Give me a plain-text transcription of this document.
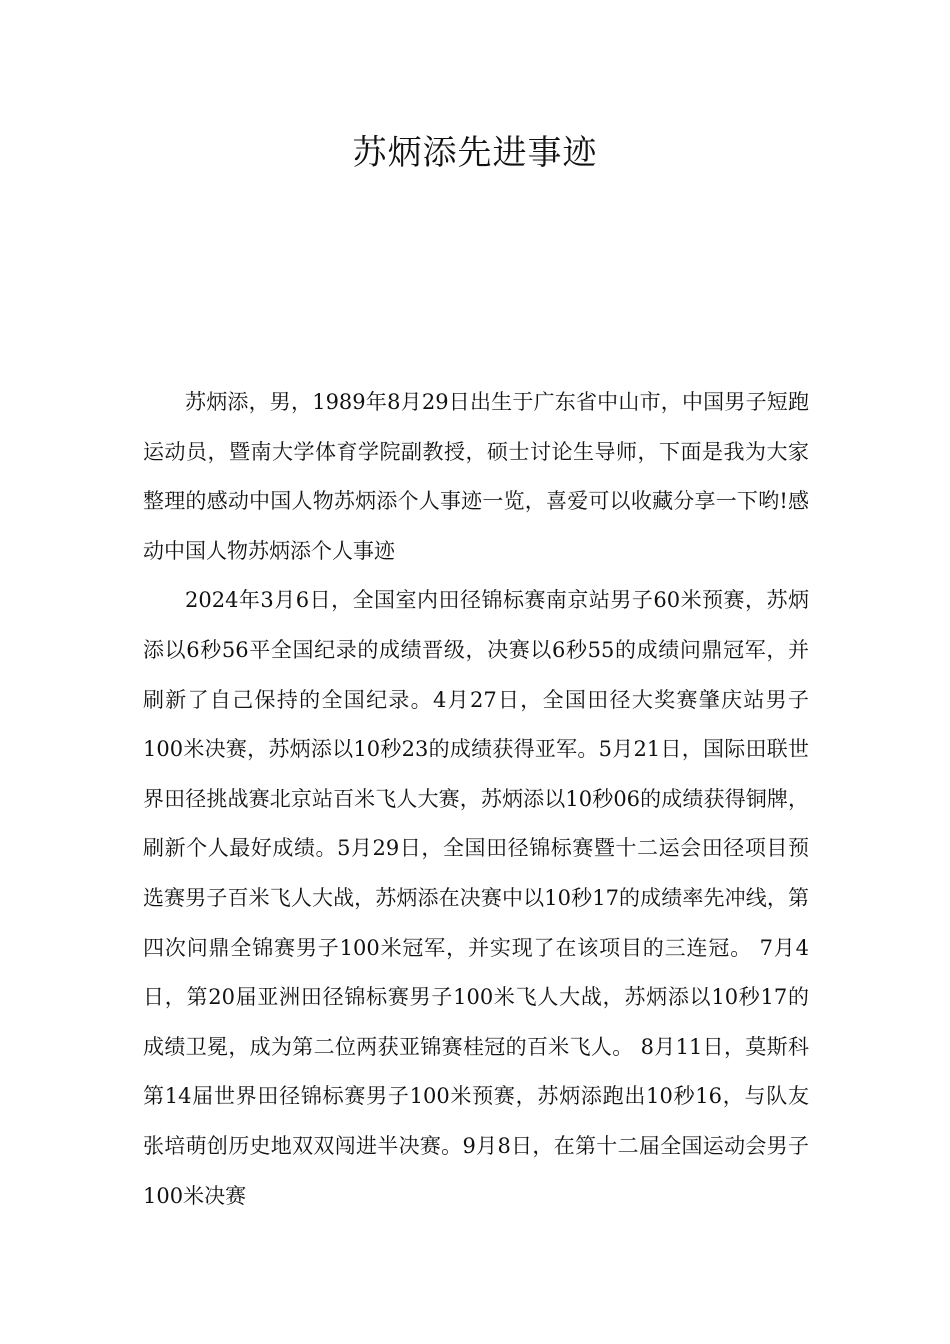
苏炳添先进事迹

苏炳添，男，1989年8月29日出生于广东省中山市，中国男子短跑运动员，暨南大学体育学院副教授，硕士讨论生导师，下面是我为大家整理的感动中国人物苏炳添个人事迹一览，喜爱可以收藏分享一下哟!感动中国人物苏炳添个人事迹

2024年3月6日，全国室内田径锦标赛南京站男子60米预赛，苏炳添以6秒56平全国纪录的成绩晋级，决赛以6秒55的成绩问鼎冠军，并刷新了自己保持的全国纪录。4月27日，全国田径大奖赛肇庆站男子100米决赛，苏炳添以10秒23的成绩获得亚军。5月21日，国际田联世界田径挑战赛北京站百米飞人大赛，苏炳添以10秒06的成绩获得铜牌，刷新个人最好成绩。5月29日，全国田径锦标赛暨十二运会田径项目预选赛男子百米飞人大战，苏炳添在决赛中以10秒17的成绩率先冲线，第四次问鼎全锦赛男子100米冠军，并实现了在该项目的三连冠。 7月4日，第20届亚洲田径锦标赛男子100米飞人大战，苏炳添以10秒17的成绩卫冕，成为第二位两获亚锦赛桂冠的百米飞人。 8月11日，莫斯科第14届世界田径锦标赛男子100米预赛，苏炳添跑出10秒16，与队友张培萌创历史地双双闯进半决赛。9月8日，在第十二届全国运动会男子100米决赛
